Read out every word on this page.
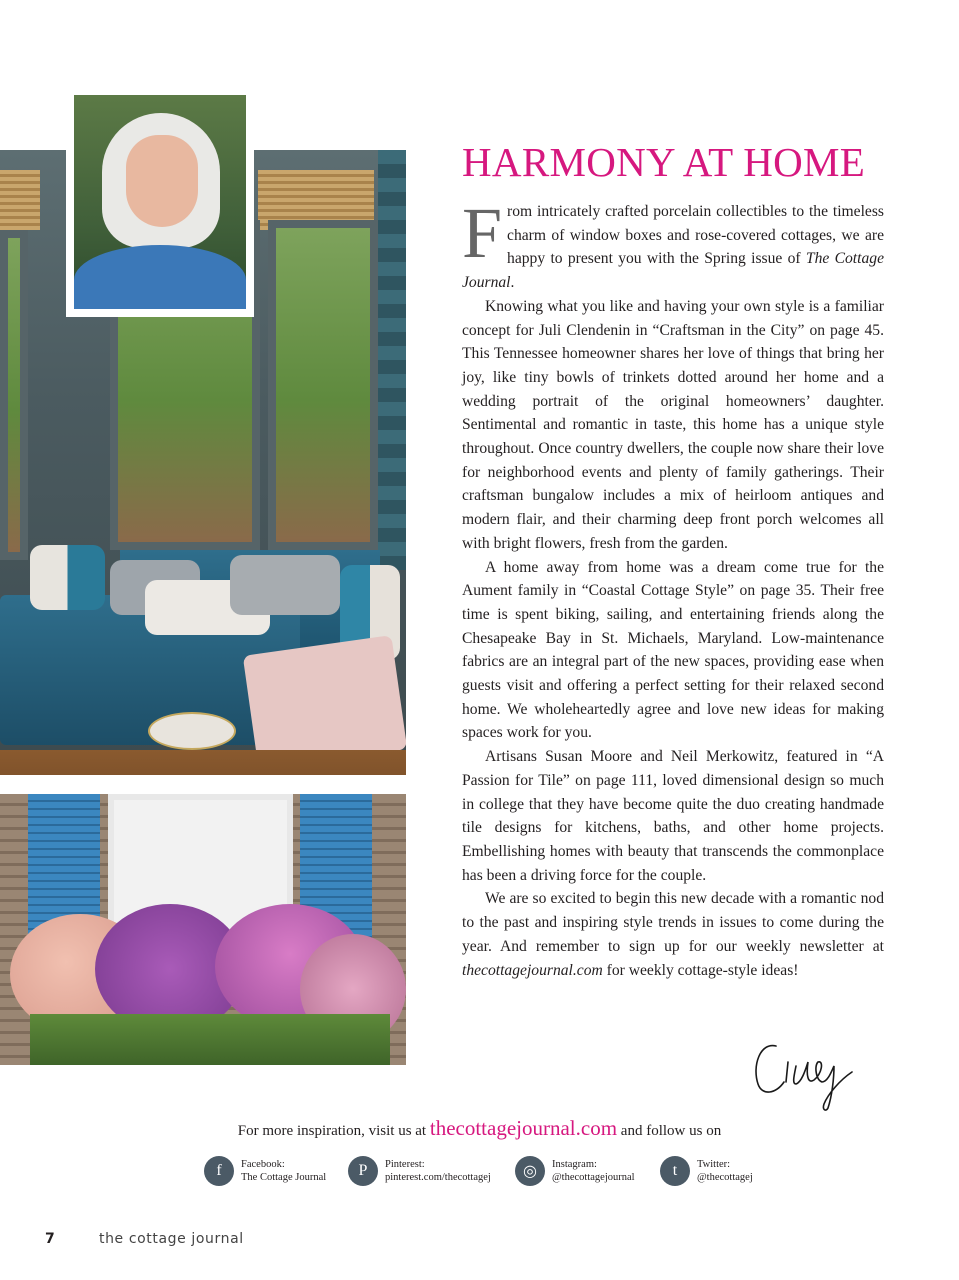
HARMONY AT HOME

From intricately crafted porcelain collectibles to the timeless charm of window boxes and rose-covered cottages, we are happy to present you with the Spring issue of The Cottage Journal.

Knowing what you like and having your own style is a familiar concept for Juli Clendenin in “Craftsman in the City” on page 45. This Tennessee homeowner shares her love of things that bring her joy, like tiny bowls of trinkets dotted around her home and a wedding portrait of the original homeowners’ daughter. Sentimental and romantic in taste, this home has a unique style throughout. Once country dwellers, the couple now share their love for neighborhood events and plenty of family gatherings. Their craftsman bungalow includes a mix of heirloom antiques and modern flair, and their charming deep front porch welcomes all with bright flowers, fresh from the garden.

A home away from home was a dream come true for the Aument family in “Coastal Cottage Style” on page 35. Their free time is spent biking, sailing, and entertaining friends along the Chesapeake Bay in St. Michaels, Maryland. Low-maintenance fabrics are an integral part of the new spaces, providing ease when guests visit and offering a perfect setting for their relaxed second home. We wholeheartedly agree and love new ideas for making spaces work for you.

Artisans Susan Moore and Neil Merkowitz, featured in “A Passion for Tile” on page 111, loved dimensional design so much in college that they have become quite the duo creating handmade tile designs for kitchens, baths, and other home projects. Embellishing homes with beauty that transcends the commonplace has been a driving force for the couple.

We are so excited to begin this new decade with a romantic nod to the past and inspiring style trends in issues to come during the year. And remember to sign up for our weekly newsletter at thecottagejournal.com for weekly cottage-style ideas!

For more inspiration, visit us at thecottagejournal.com and follow us on
f Facebook:
The Cottage Journal P Pinterest:
pinterest.com/thecottagej ◎ Instagram:
@thecottagejournal t Twitter:
@thecottagej
7	the cottage journal
